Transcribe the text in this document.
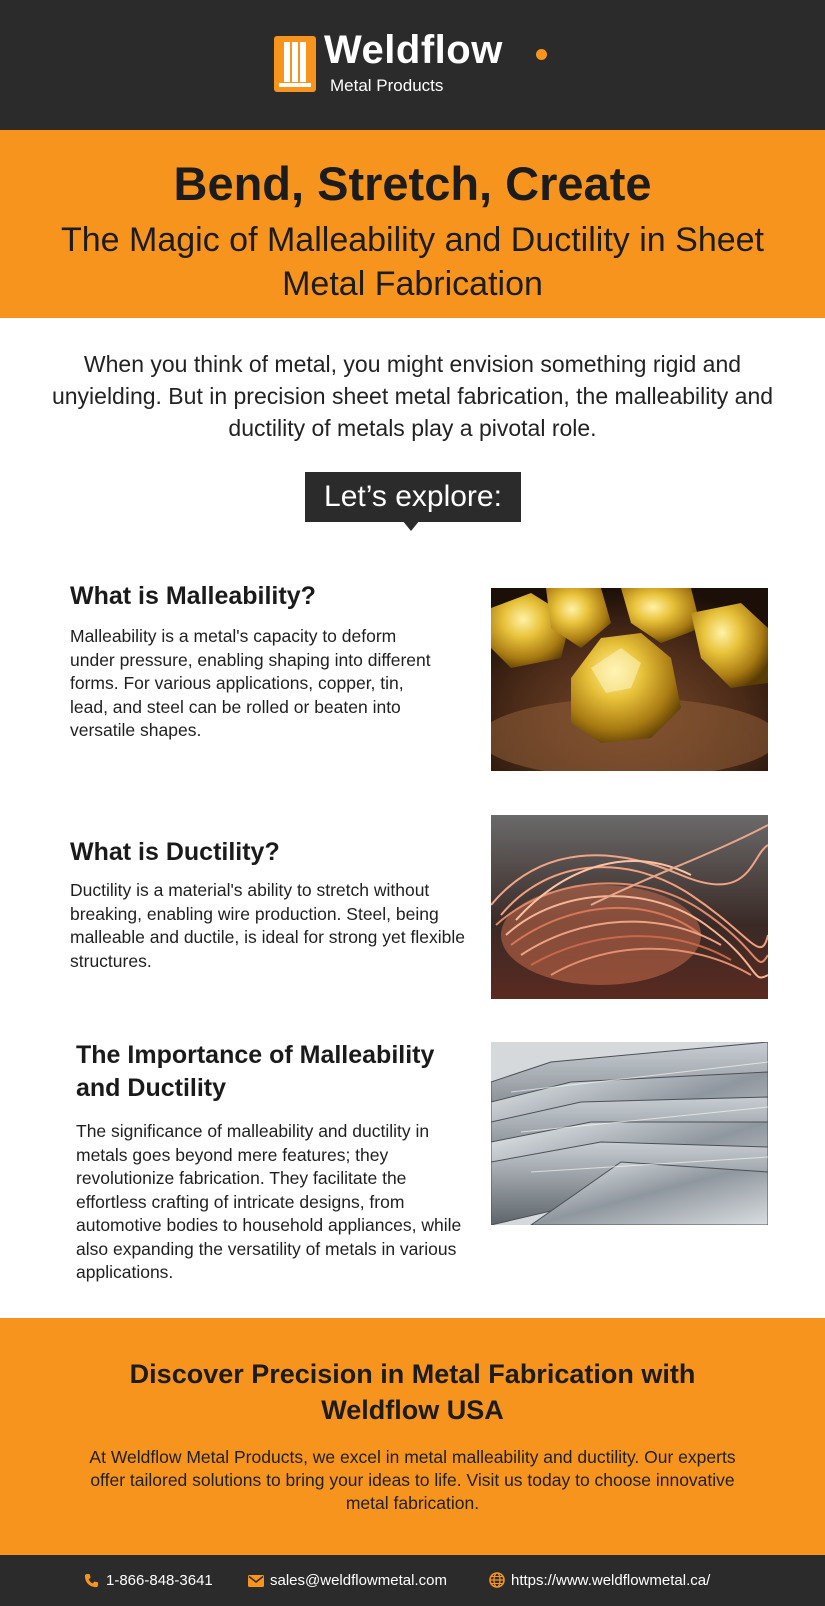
Weldflow
Metal Products
Bend, Stretch, Create
The Magic of Malleability and Ductility in Sheet Metal Fabrication
When you think of metal, you might envision something rigid and unyielding. But in precision sheet metal fabrication, the malleability and ductility of metals play a pivotal role.
Let’s explore:
What is Malleability?
Malleability is a metal's capacity to deform under pressure, enabling shaping into different forms. For various applications, copper, tin, lead, and steel can be rolled or beaten into versatile shapes.
What is Ductility?
Ductility is a material's ability to stretch without breaking, enabling wire production. Steel, being malleable and ductile, is ideal for strong yet flexible structures.
The Importance of Malleability and Ductility
The significance of malleability and ductility in metals goes beyond mere features; they revolutionize fabrication. They facilitate the effortless crafting of intricate designs, from automotive bodies to household appliances, while also expanding the versatility of metals in various applications.
Discover Precision in Metal Fabrication with Weldflow USA
At Weldflow Metal Products, we excel in metal malleability and ductility. Our experts offer tailored solutions to bring your ideas to life. Visit us today to choose innovative metal fabrication.
1-866-848-3641	sales@weldflowmetal.com	https://www.weldflowmetal.ca/
